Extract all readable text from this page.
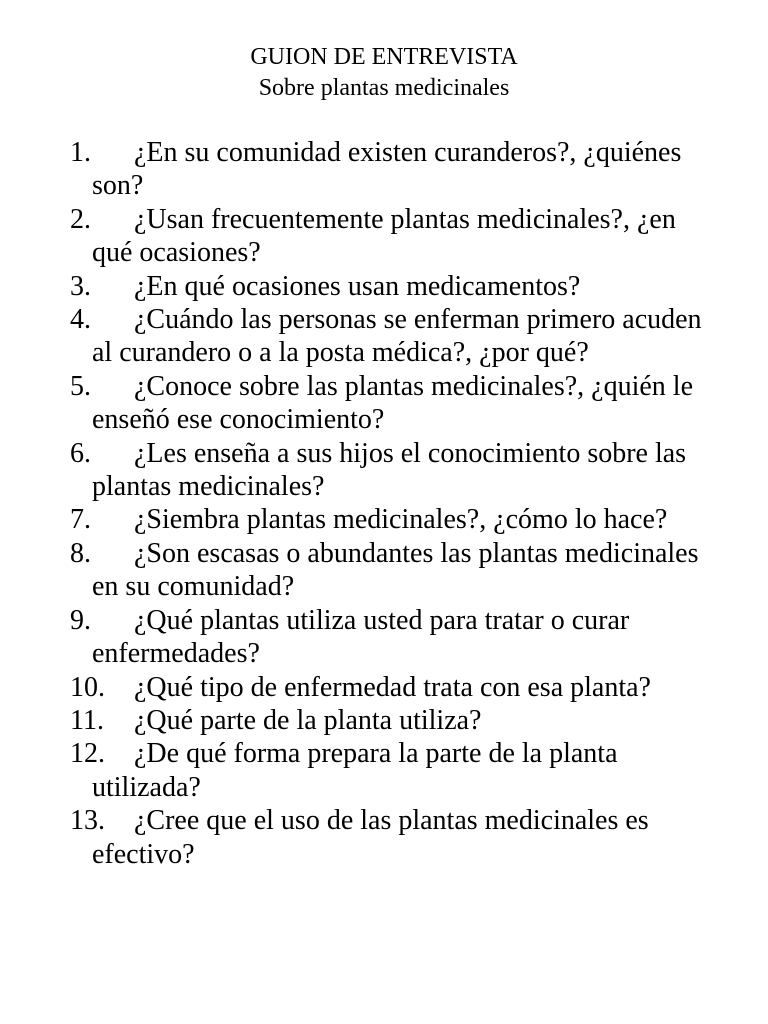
GUION DE ENTREVISTA
Sobre plantas medicinales
1. ¿En su comunidad existen curanderos?, ¿quiénes son?
2. ¿Usan frecuentemente plantas medicinales?, ¿en qué ocasiones?
3. ¿En qué ocasiones usan medicamentos?
4. ¿Cuándo las personas se enferman primero acuden al curandero o a la posta médica?, ¿por qué?
5. ¿Conoce sobre las plantas medicinales?, ¿quién le enseñó ese conocimiento?
6. ¿Les enseña a sus hijos el conocimiento sobre las plantas medicinales?
7. ¿Siembra plantas medicinales?, ¿cómo lo hace?
8. ¿Son escasas o abundantes las plantas medicinales en su comunidad?
9. ¿Qué plantas utiliza usted para tratar o curar enfermedades?
10. ¿Qué tipo de enfermedad trata con esa planta?
11. ¿Qué parte de la planta utiliza?
12. ¿De qué forma prepara la parte de la planta utilizada?
13. ¿Cree que el uso de las plantas medicinales es efectivo?
